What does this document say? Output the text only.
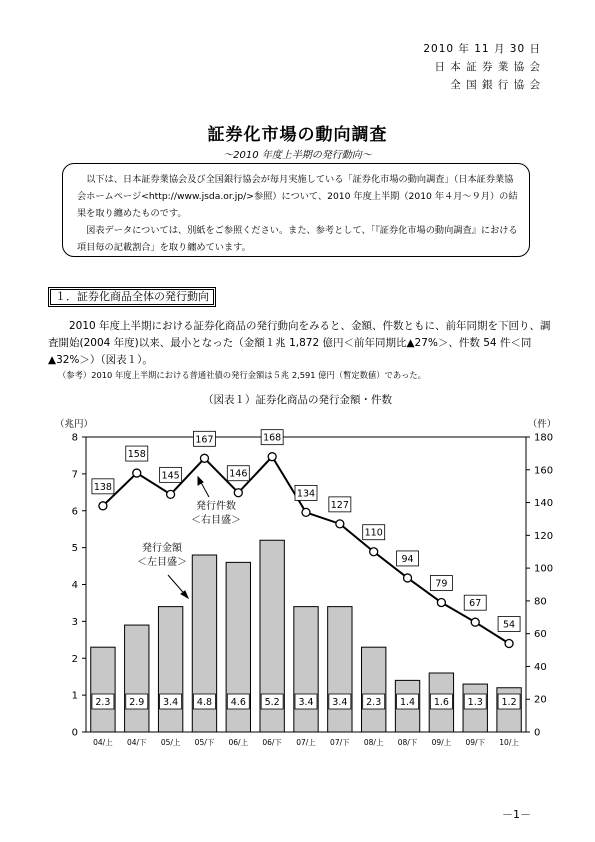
2010 年 11 月 30 日
日 本 証 券 業 協 会
全 国 銀 行 協 会
証券化市場の動向調査
～2010 年度上半期の発行動向～

以下は、日本証券業協会及び全国銀行協会が毎月実施している「証券化市場の動向調査」（日本証券業協会ホームページ<http://www.jsda.or.jp/>参照）について、2010 年度上半期（2010 年４月～９月）の結果を取り纏めたものです。

図表データについては、別紙をご参照ください。また、参考として、「『証券化市場の動向調査』における項目毎の記載割合」を取り纏めています。

１．証券化商品全体の発行動向

2010 年度上半期における証券化商品の発行動向をみると、金額、件数ともに、前年同期を下回り、調査開始(2004 年度)以来、最小となった（金額１兆 1,872 億円＜前年同期比▲27%＞、件数 54 件＜同▲32%＞）（図表１）。

（参考）2010 年度上半期における普通社債の発行金額は５兆 2,591 億円（暫定数値）であった。
（図表１）証券化商品の発行金額・件数
0
1
2
3
4
5
6
7
8
0
20
40
60
80
100
120
140
160
180
（兆円）	（件）
04/上 04/下 05/上 05/下 06/上 06/下 07/上 07/下 08/上 08/下 09/上 09/下 10/上
2.3 2.9 3.4 4.8 4.6 5.2 3.4 3.4 2.3 1.4 1.6 1.3 1.2
138
158
145
167
146
168
134
127
110
94
79
67
54
発行金額
＜左目盛＞
発行件数
＜右目盛＞
－1－
